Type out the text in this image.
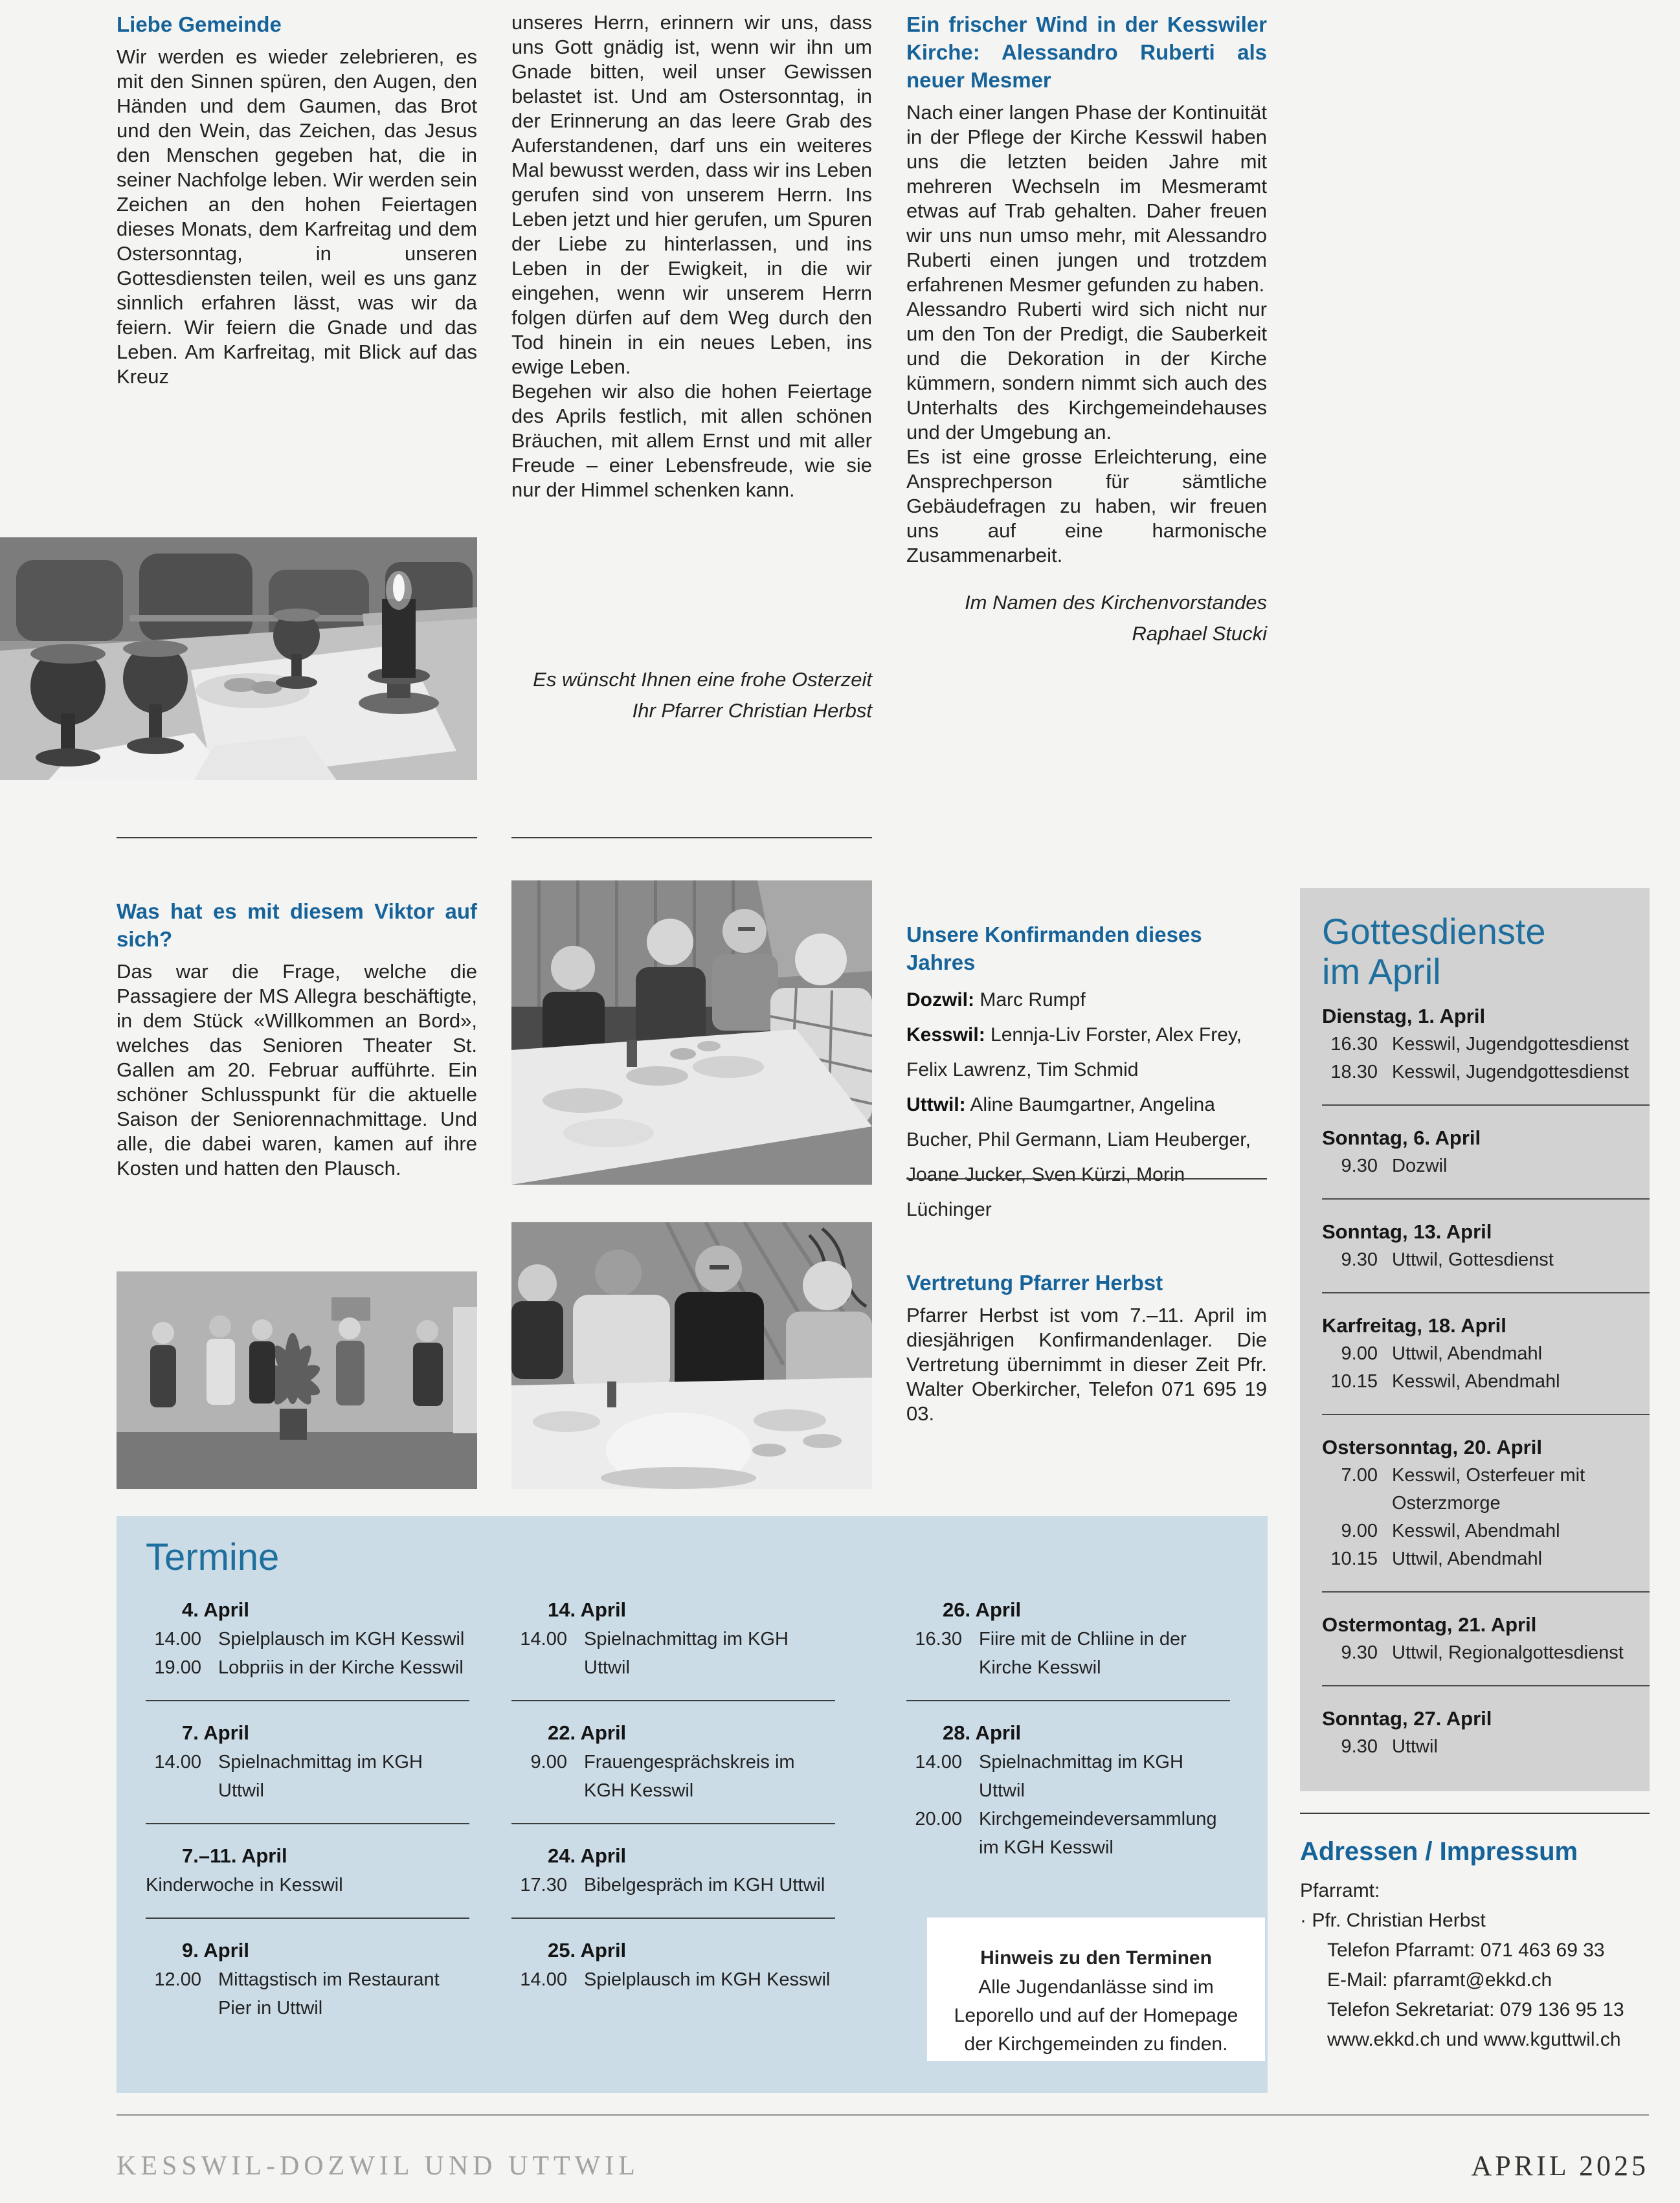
Liebe Gemeinde

Wir werden es wieder zelebrieren, es mit den Sinnen spüren, den Augen, den Händen und dem Gaumen, das Brot und den Wein, das Zeichen, das Jesus den Menschen gegeben hat, die in seiner Nachfolge leben. Wir werden sein Zeichen an den hohen Feiertagen dieses Monats, dem Karfreitag und dem Ostersonntag, in unseren Gottesdiensten teilen, weil es uns ganz sinnlich erfahren lässt, was wir da feiern. Wir feiern die Gnade und das Leben. Am Karfreitag, mit Blick auf das Kreuz

Was hat es mit diesem Viktor auf sich?

Das war die Frage, welche die Passagiere der MS Allegra beschäftigte, in dem Stück «Willkommen an Bord», welches das Senioren Theater St. Gallen am 20. Februar aufführte. Ein schöner Schlusspunkt für die aktuelle Saison der Seniorennachmittage. Und alle, die dabei waren, kamen auf ihre Kosten und hatten den Plausch.

unseres Herrn, erinnern wir uns, dass uns Gott gnädig ist, wenn wir ihn um Gnade bitten, weil unser Gewissen belastet ist. Und am Ostersonntag, in der Erinnerung an das leere Grab des Auferstandenen, darf uns ein weiteres Mal bewusst werden, dass wir ins Leben gerufen sind von unserem Herrn. Ins Leben jetzt und hier gerufen, um Spuren der Liebe zu hinterlassen, und ins Leben in der Ewigkeit, in die wir eingehen, wenn wir unserem Herrn folgen dürfen auf dem Weg durch den Tod hinein in ein neues Leben, ins ewige Leben.

Begehen wir also die hohen Feiertage des Aprils festlich, mit allen schönen Bräuchen, mit allem Ernst und mit aller Freude – einer Lebensfreude, wie sie nur der Himmel schenken kann.

Es wünscht Ihnen eine frohe Osterzeit
Ihr Pfarrer Christian Herbst
Ein frischer Wind in der Kesswiler Kirche: Alessandro Ruberti als neuer Mesmer

Nach einer langen Phase der Kontinuität in der Pflege der Kirche Kesswil haben uns die letzten beiden Jahre mit mehreren Wechseln im Mesmeramt etwas auf Trab gehalten. Daher freuen wir uns nun umso mehr, mit Alessandro Ruberti einen jungen und trotzdem erfahrenen Mesmer gefunden zu haben.

Alessandro Ruberti wird sich nicht nur um den Ton der Predigt, die Sauberkeit und die Dekoration in der Kirche kümmern, sondern nimmt sich auch des Unterhalts des Kirchgemeindehauses und der Umgebung an.

Es ist eine grosse Erleichterung, eine Ansprechperson für sämtliche Gebäudefragen zu haben, wir freuen uns auf eine harmonische Zusammenarbeit.

Im Namen des Kirchenvorstandes
Raphael Stucki
Unsere Konfirmanden dieses Jahres
Dozwil: Marc Rumpf
Kesswil: Lennja-Liv Forster, Alex Frey, Felix Lawrenz, Tim Schmid
Uttwil: Aline Baumgartner, Angelina Bucher, Phil Germann, Liam Heuberger, Joane Jucker, Sven Kürzi, Morin Lüchinger
Vertretung Pfarrer Herbst

Pfarrer Herbst ist vom 7.–11. April im diesjährigen Konfirmandenlager. Die Vertretung übernimmt in dieser Zeit Pfr. Walter Oberkircher, Telefon 071 695 19 03.

Gottesdienste
im April
Dienstag, 1. April
16.30 Kesswil, Jugendgottesdienst
18.30 Kesswil, Jugendgottesdienst
Sonntag, 6. April
9.30 Dozwil
Sonntag, 13. April
9.30 Uttwil, Gottesdienst
Karfreitag, 18. April
9.00 Uttwil, Abendmahl
10.15 Kesswil, Abendmahl
Ostersonntag, 20. April
7.00 Kesswil, Osterfeuer mit Osterzmorge
9.00 Kesswil, Abendmahl
10.15 Uttwil, Abendmahl
Ostermontag, 21. April
9.30 Uttwil, Regionalgottesdienst
Sonntag, 27. April
9.30 Uttwil
Adressen / Impressum
Pfarramt:
· Pfr. Christian Herbst
Telefon Pfarramt: 071 463 69 33
E-Mail: pfarramt@ekkd.ch
Telefon Sekretariat: 079 136 95 13
www.ekkd.ch und www.kguttwil.ch
Termine
4. April
14.00 Spielplausch im KGH Kesswil
19.00 Lobpriis in der Kirche Kesswil
7. April
14.00 Spielnachmittag im KGH Uttwil
7.–11. April
Kinderwoche in Kesswil
9. April
12.00 Mittagstisch im Restaurant Pier in Uttwil
14. April
14.00 Spielnachmittag im KGH Uttwil
22. April
9.00 Frauengesprächskreis im KGH Kesswil
24. April
17.30 Bibelgespräch im KGH Uttwil
25. April
14.00 Spielplausch im KGH Kesswil
26. April
16.30 Fiire mit de Chliine in der Kirche Kesswil
28. April
14.00 Spielnachmittag im KGH Uttwil
20.00 Kirchgemeindeversammlung im KGH Kesswil
Hinweis zu den Terminen
Alle Jugendanlässe sind im Leporello und auf der Homepage der Kirchgemeinden zu finden.
KESSWIL-DOZWIL UND UTTWIL	APRIL 2025
